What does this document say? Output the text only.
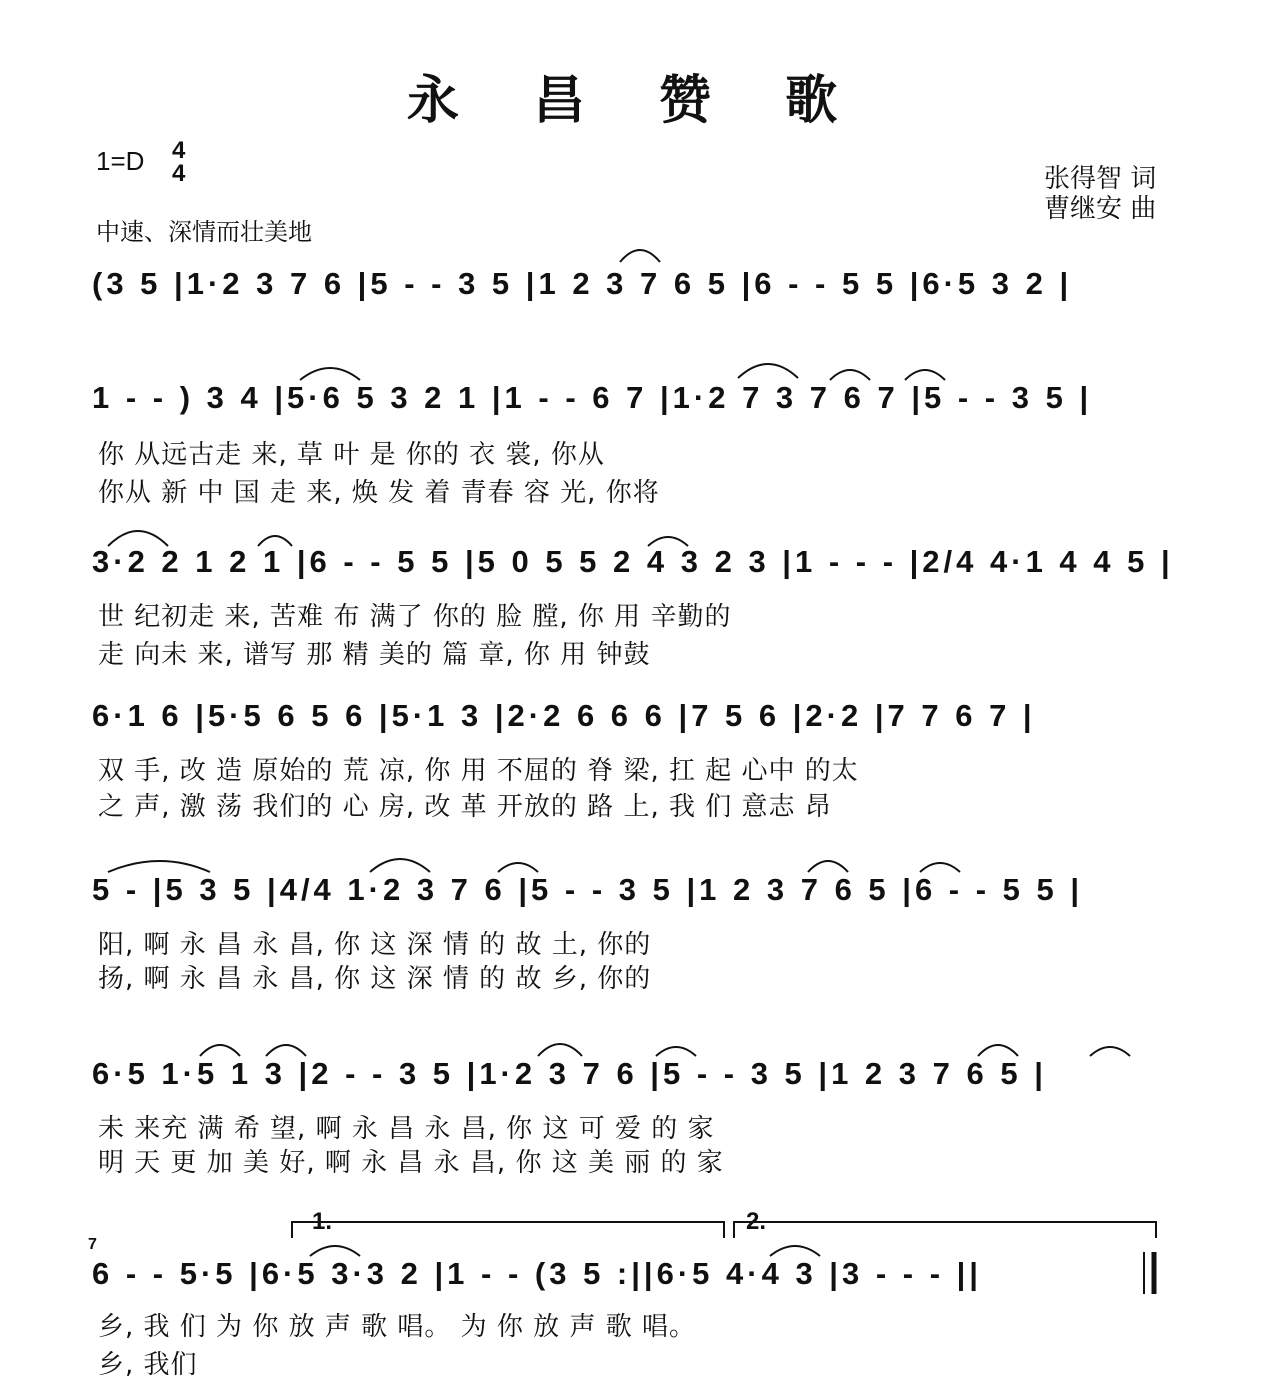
永 昌 赞 歌
1=D 4
4
中速、深情而壮美地
张得智 词
曹继安 曲
(3 5 |1·2 3 7 6 |5 - - 3 5 |1 2 3 7 6 5 |6 - - 5 5 |6·5 3 2 |
1 - - ) 3 4 |5·6 5 3 2 1 |1 - - 6 7 |1·2 7 3 7 6 7 |5 - - 3 5 |
你 从远古走 来, 草 叶 是 你的 衣 裳, 你从
你从 新 中 国 走 来, 焕 发 着 青春 容 光, 你将
3·2 2 1 2 1 |6 - - 5 5 |5 0 5 5 2 4 3 2 3 |1 - - - |2/4 4·1 4 4 5 |
世 纪初走 来, 苦难 布 满了 你的 脸 膛, 你 用 辛勤的
走 向未 来, 谱写 那 精 美的 篇 章, 你 用 钟鼓
6·1 6 |5·5 6 5 6 |5·1 3 |2·2 6 6 6 |7 5 6 |2·2 |7 7 6 7 |
双 手, 改 造 原始的 荒 凉, 你 用 不屈的 脊 梁, 扛 起 心中 的太
之 声, 激 荡 我们的 心 房, 改 革 开放的 路 上, 我 们 意志 昂
5 - |5 3 5 |4/4 1·2 3 7 6 |5 - - 3 5 |1 2 3 7 6 5 |6 - - 5 5 |
阳, 啊 永 昌 永 昌, 你 这 深 情 的 故 土, 你的
扬, 啊 永 昌 永 昌, 你 这 深 情 的 故 乡, 你的
6·5 1·5 1 3 |2 - - 3 5 |1·2 3 7 6 |5 - - 3 5 |1 2 3 7 6 5 |
未 来充 满 希 望, 啊 永 昌 永 昌, 你 这 可 爱 的 家
明 天 更 加 美 好, 啊 永 昌 永 昌, 你 这 美 丽 的 家
1.	2.
7
6 - - 5·5 |6·5 3·3 2 |1 - - (3 5 :||6·5 4·4 3 |3 - - - ||
乡, 我 们 为 你 放 声 歌 唱。 为 你 放 声 歌 唱。
乡, 我们
